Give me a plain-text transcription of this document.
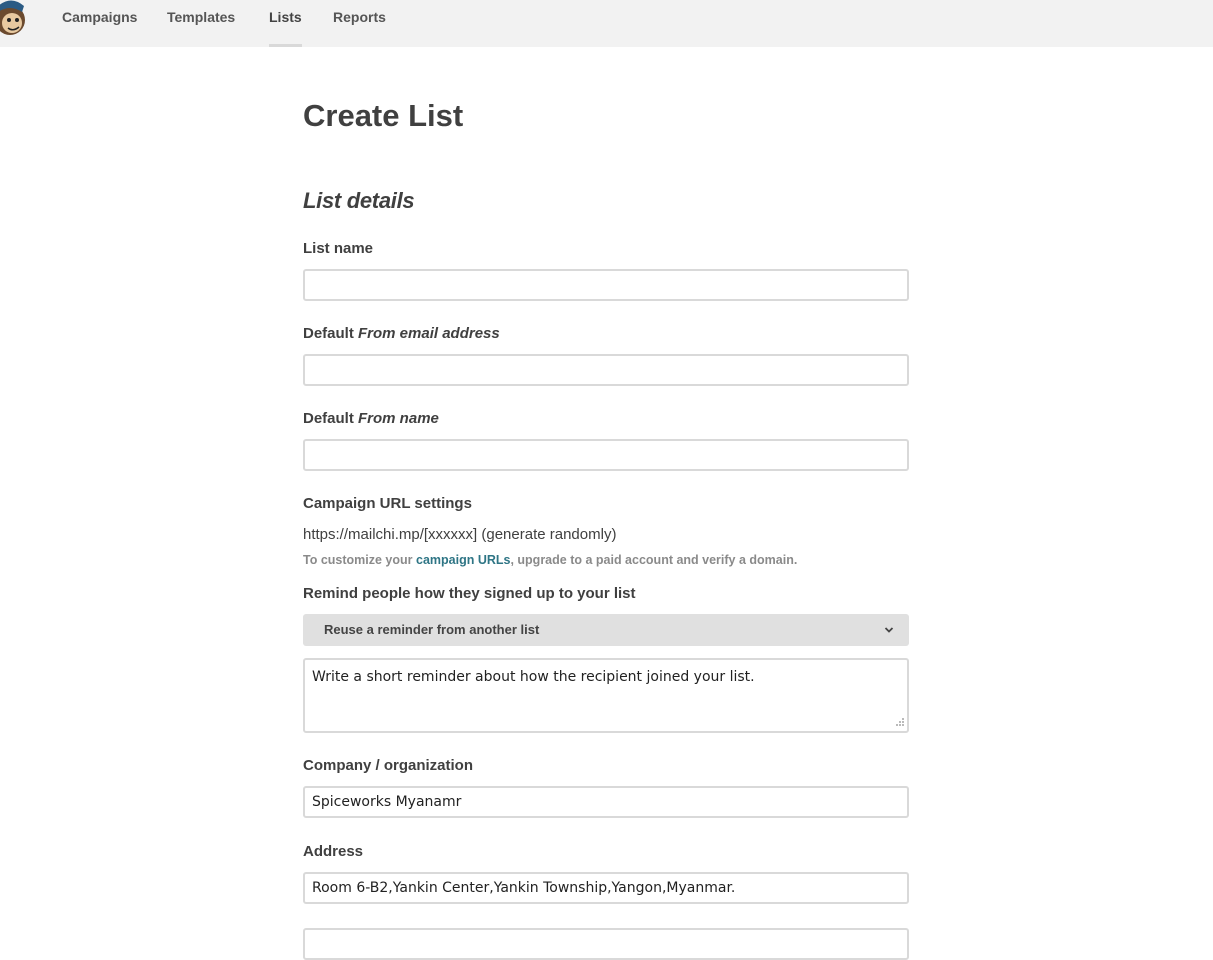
Campaigns Templates Lists Reports
Create List
List details
List name
Default From email address
Default From name
Campaign URL settings
https://mailchi.mp/[xxxxxx] (generate randomly)
To customize your campaign URLs, upgrade to a paid account and verify a domain.
Remind people how they signed up to your list
Reuse a reminder from another list
Write a short reminder about how the recipient joined your list.
Company / organization
Spiceworks Myanamr
Address
Room 6-B2,Yankin Center,Yankin Township,Yangon,Myanmar.
